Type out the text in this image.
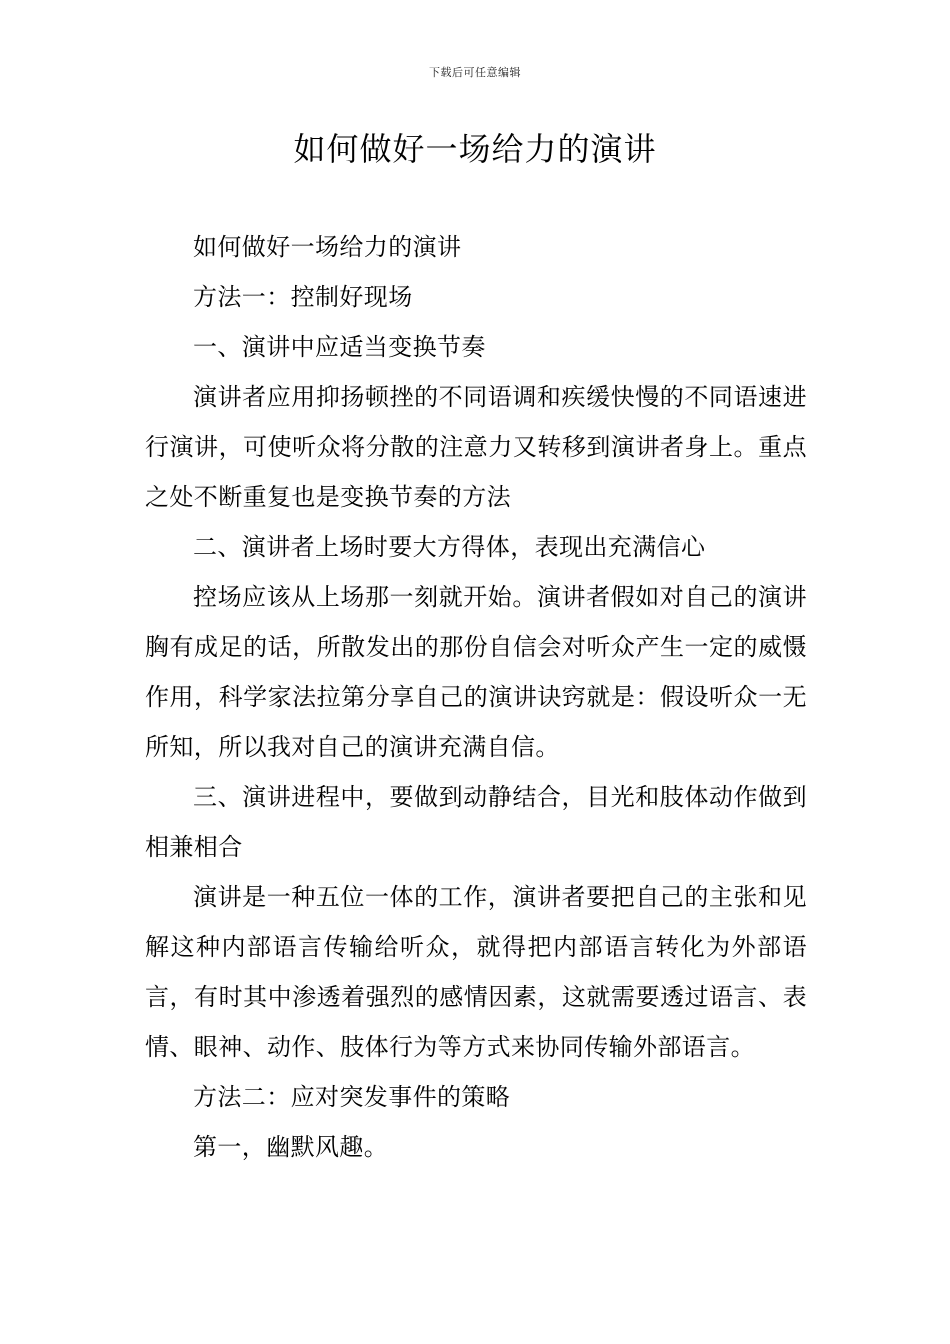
下载后可任意编辑
如何做好一场给力的演讲

如何做好一场给力的演讲

方法一：控制好现场

一、演讲中应适当变换节奏

演讲者应用抑扬顿挫的不同语调和疾缓快慢的不同语速进行演讲，可使听众将分散的注意力又转移到演讲者身上。重点之处不断重复也是变换节奏的方法

二、演讲者上场时要大方得体，表现出充满信心

控场应该从上场那一刻就开始。演讲者假如对自己的演讲胸有成足的话，所散发出的那份自信会对听众产生一定的威慑作用，科学家法拉第分享自己的演讲诀窍就是：假设听众一无所知，所以我对自己的演讲充满自信。

三、演讲进程中，要做到动静结合，目光和肢体动作做到相兼相合

演讲是一种五位一体的工作，演讲者要把自己的主张和见解这种内部语言传输给听众，就得把内部语言转化为外部语言，有时其中渗透着强烈的感情因素，这就需要透过语言、表情、眼神、动作、肢体行为等方式来协同传输外部语言。

方法二：应对突发事件的策略

第一，幽默风趣。
